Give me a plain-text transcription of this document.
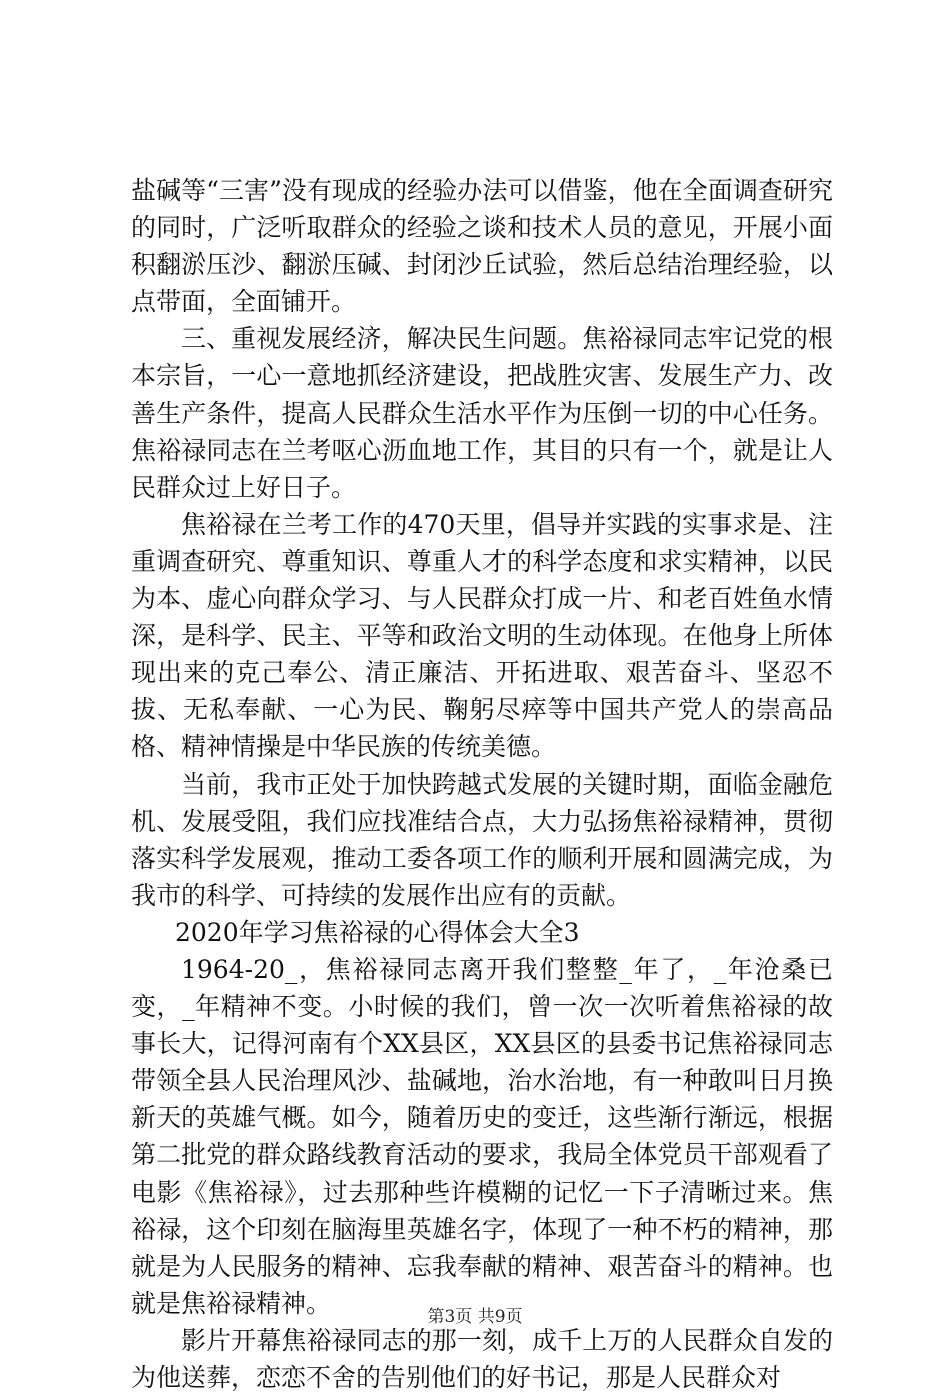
盐碱等“三害”没有现成的经验办法可以借鉴，他在全面调查研究的同时，广泛听取群众的经验之谈和技术人员的意见，开展小面积翻淤压沙、翻淤压碱、封闭沙丘试验，然后总结治理经验，以点带面，全面铺开。

三、重视发展经济，解决民生问题。焦裕禄同志牢记党的根本宗旨，一心一意地抓经济建设，把战胜灾害、发展生产力、改善生产条件，提高人民群众生活水平作为压倒一切的中心任务。焦裕禄同志在兰考呕心沥血地工作，其目的只有一个，就是让人民群众过上好日子。

焦裕禄在兰考工作的470天里，倡导并实践的实事求是、注重调查研究、尊重知识、尊重人才的科学态度和求实精神，以民为本、虚心向群众学习、与人民群众打成一片、和老百姓鱼水情深，是科学、民主、平等和政治文明的生动体现。在他身上所体现出来的克己奉公、清正廉洁、开拓进取、艰苦奋斗、坚忍不拔、无私奉献、一心为民、鞠躬尽瘁等中国共产党人的崇高品格、精神情操是中华民族的传统美德。

当前，我市正处于加快跨越式发展的关键时期，面临金融危机、发展受阻，我们应找准结合点，大力弘扬焦裕禄精神，贯彻落实科学发展观，推动工委各项工作的顺利开展和圆满完成，为我市的科学、可持续的发展作出应有的贡献。

2020年学习焦裕禄的心得体会大全3

1964-20_，焦裕禄同志离开我们整整_年了，_年沧桑已变，_年精神不变。小时候的我们，曾一次一次听着焦裕禄的故事长大，记得河南有个XX县区，XX县区的县委书记焦裕禄同志带领全县人民治理风沙、盐碱地，治水治地，有一种敢叫日月换新天的英雄气概。如今，随着历史的变迁，这些渐行渐远，根据第二批党的群众路线教育活动的要求，我局全体党员干部观看了电影《焦裕禄》，过去那种些许模糊的记忆一下子清晰过来。焦裕禄，这个印刻在脑海里英雄名字，体现了一种不朽的精神，那就是为人民服务的精神、忘我奉献的精神、艰苦奋斗的精神。也就是焦裕禄精神。

影片开幕焦裕禄同志的那一刻，成千上万的人民群众自发的为他送葬，恋恋不舍的告别他们的好书记，那是人民群众对

第3页 共9页
